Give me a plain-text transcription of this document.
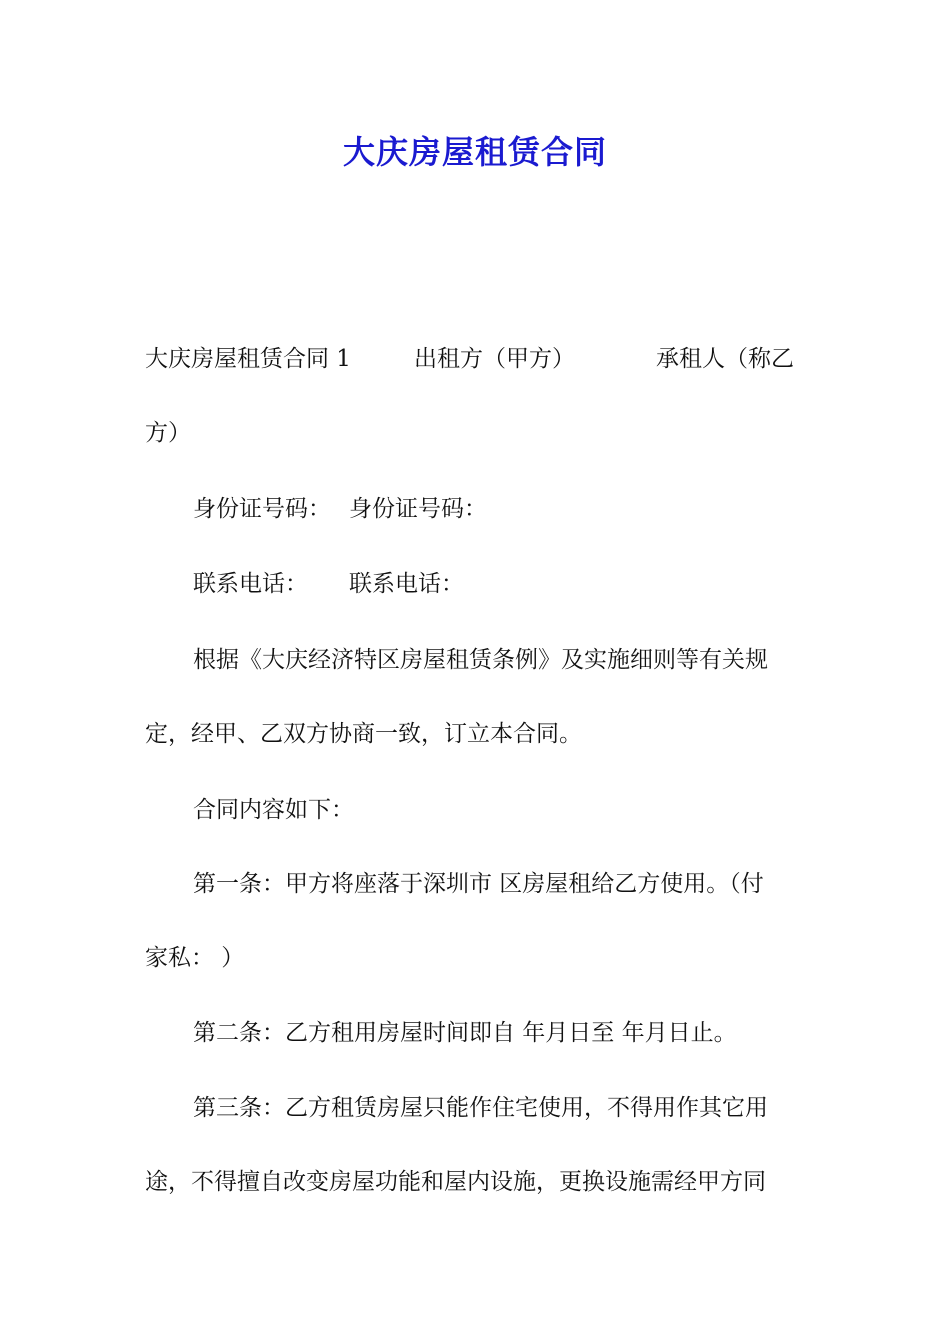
大庆房屋租赁合同
大庆房屋租赁合同 1	出租方（甲方）	承租人（称乙
方）
身份证号码： 身份证号码：
联系电话： 联系电话：
根据《大庆经济特区房屋租赁条例》及实施细则等有关规
定，经甲、乙双方协商一致，订立本合同。
合同内容如下：
第一条：甲方将座落于深圳市 区房屋租给乙方使用。（付
家私： ）
第二条：乙方租用房屋时间即自 年月日至 年月日止。
第三条：乙方租赁房屋只能作住宅使用，不得用作其它用
途，不得擅自改变房屋功能和屋内设施，更换设施需经甲方同
